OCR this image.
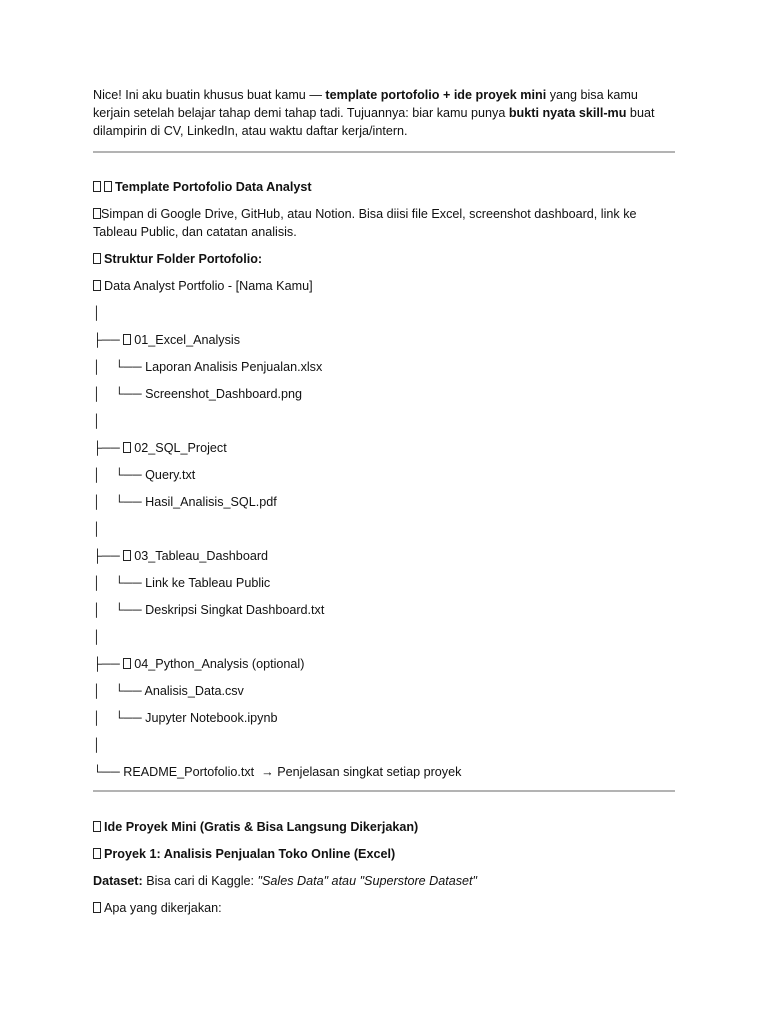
Nice! Ini aku buatin khusus buat kamu — template portofolio + ide proyek mini yang bisa kamu kerjain setelah belajar tahap demi tahap tadi. Tujuannya: biar kamu punya bukti nyata skill-mu buat dilampirin di CV, LinkedIn, atau waktu daftar kerja/intern.

Template Portofolio Data Analyst
Simpan di Google Drive, GitHub, atau Notion. Bisa diisi file Excel, screenshot dashboard, link ke Tableau Public, dan catatan analisis.
Struktur Folder Portofolio:
Data Analyst Portfolio - [Nama Kamu]
│
├── 01_Excel_Analysis
│    └── Laporan Analisis Penjualan.xlsx
│    └── Screenshot_Dashboard.png
│
├── 02_SQL_Project
│    └── Query.txt
│    └── Hasil_Analisis_SQL.pdf
│
├── 03_Tableau_Dashboard
│    └── Link ke Tableau Public
│    └── Deskripsi Singkat Dashboard.txt
│
├── 04_Python_Analysis (optional)
│    └── Analisis_Data.csv
│    └── Jupyter Notebook.ipynb
│
└── README_Portofolio.txt  → Penjelasan singkat setiap proyek
Ide Proyek Mini (Gratis & Bisa Langsung Dikerjakan)
Proyek 1: Analisis Penjualan Toko Online (Excel)
Dataset: Bisa cari di Kaggle: "Sales Data" atau "Superstore Dataset"
Apa yang dikerjakan:
